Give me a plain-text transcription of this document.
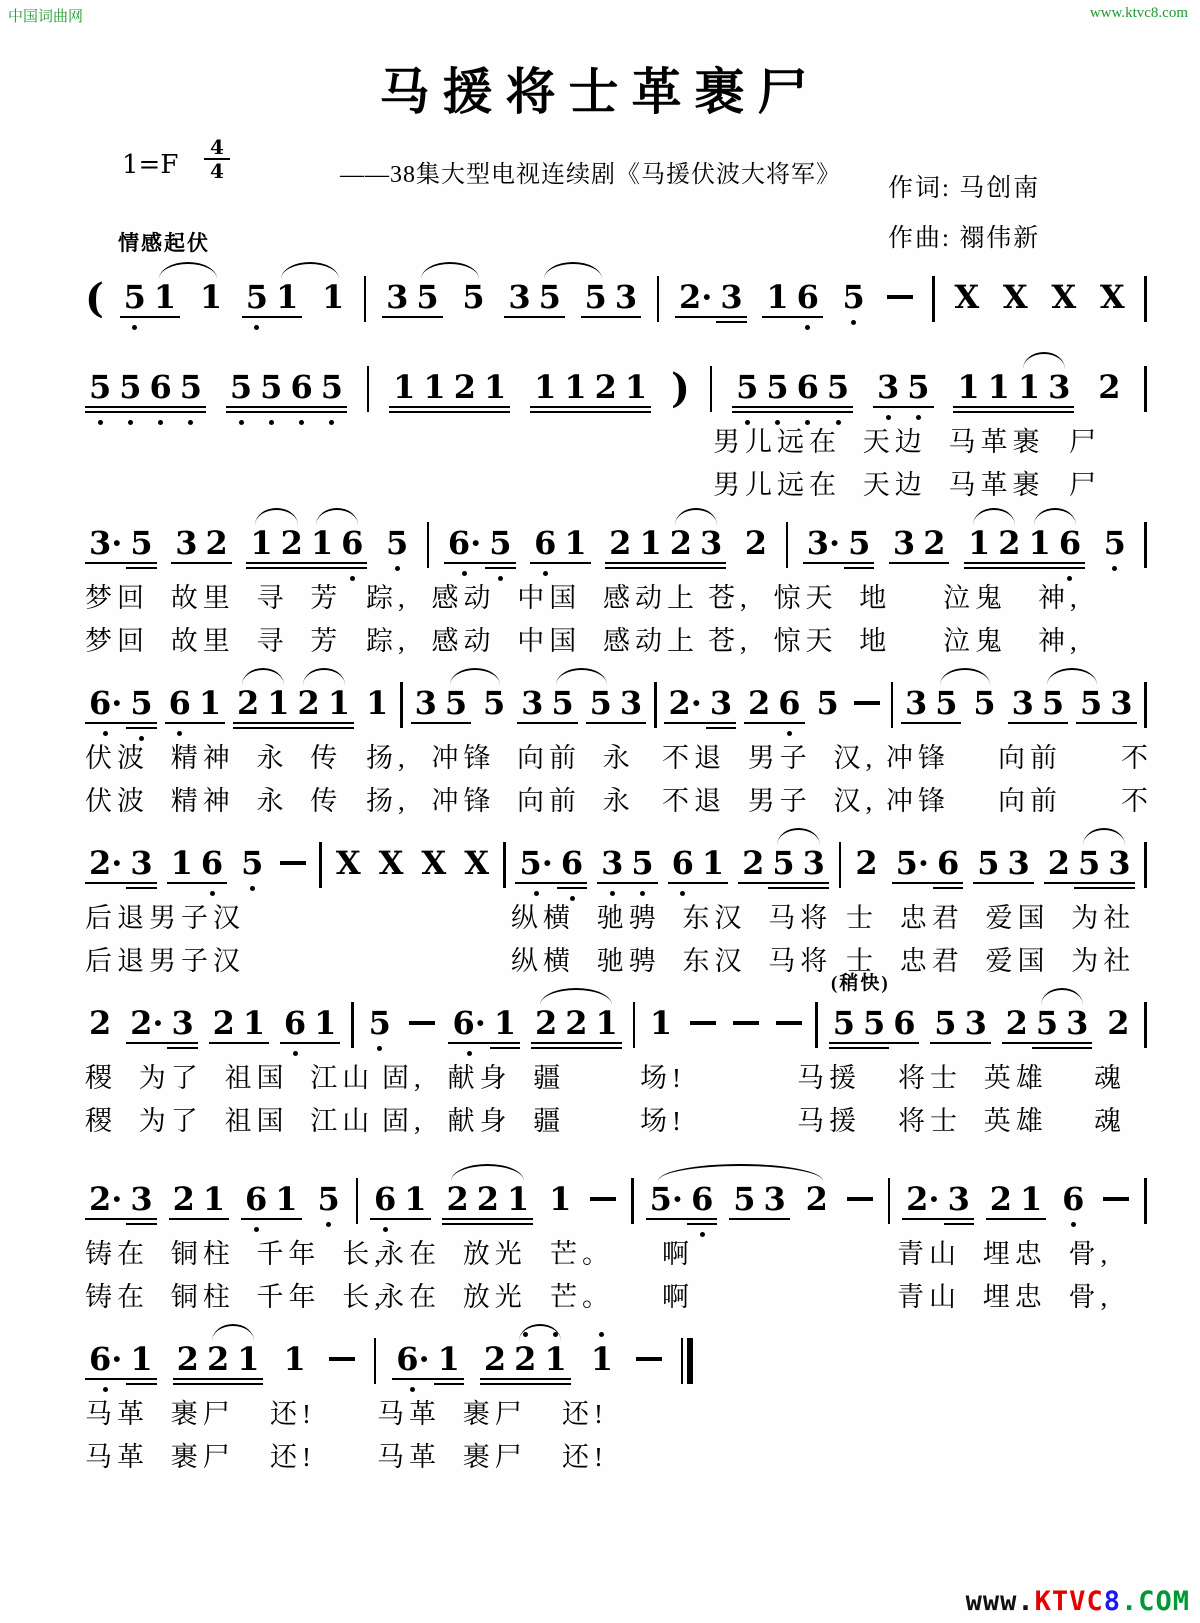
中国词曲网	www.ktvc8.com
马援将士革裹尸
1=F
4
4	——38集大型电视连续剧《马援伏波大将军》 作词: 马创南
作曲: 禤伟新
情感起伏
( 5 1 1 5 1 1 3 5 5 3 5 5 3 2· 3 1 6 5	X X X X
5 5 6 5 5 5 6 5 1 1 2 1 1 1 2 1 ) 5 5 6 5 3 5 1 1 1 3 2
男儿远在 天边 马革裹 尸
男儿远在 天边 马革裹 尸
3· 5 3 2 1 2 1 6 5 6· 5 6 1 2 1 2 3 2 3· 5 3 2 1 2 1 6 5
梦回 故里 寻 芳 踪, 感动 中国 感动上 苍, 惊天 地 泣鬼 神,
梦回 故里 寻 芳 踪, 感动 中国 感动上 苍, 惊天 地 泣鬼 神,
6· 5 6 1 2 1 2 1 1 3 5 5 3 5 5 3 2· 3 2 6 5 3 5 5 3 5 5 3
伏波 精神 永 传 扬, 冲锋 向前 永 不退 男子 汉, 冲锋 向前 不
伏波 精神 永 传 扬, 冲锋 向前 永 不退 男子 汉, 冲锋 向前 不
2· 3 1 6 5 X X X X 5· 6 3 5 6 1 2 5 3 2 5· 6 5 3 2 5 3
后退男子汉	纵横 驰骋 东汉 马将 士 忠君 爱国 为社
后退男子汉	纵横 驰骋 东汉 马将 士 忠君 爱国 为社
2 2· 3 2 1 6 1 5 6· 1 2 2 1 1	5 5 6 5 3 2 5 3 2
(稍快)
稷 为了 祖国 江山 固, 献身 疆	场!	马援 将士 英雄 魂
稷 为了 祖国 江山 固, 献身 疆	场!	马援 将士 英雄 魂
2· 3 2 1 6 1 5 6 1 2 2 1 1 5· 6 5 3 2 2· 3 2 1 6
铸在 铜柱 千年 长,
永在 放光 芒。 啊	青山 埋忠 骨,
铸在 铜柱 千年 长,
永在 放光 芒。 啊	青山 埋忠 骨,
6· 1 2 2 1 1	6· 1 2 2 1 1
马革 裹尸 还! 马革 裹尸 还!
马革 裹尸 还! 马革 裹尸 还!
www.KTVC8.COM
